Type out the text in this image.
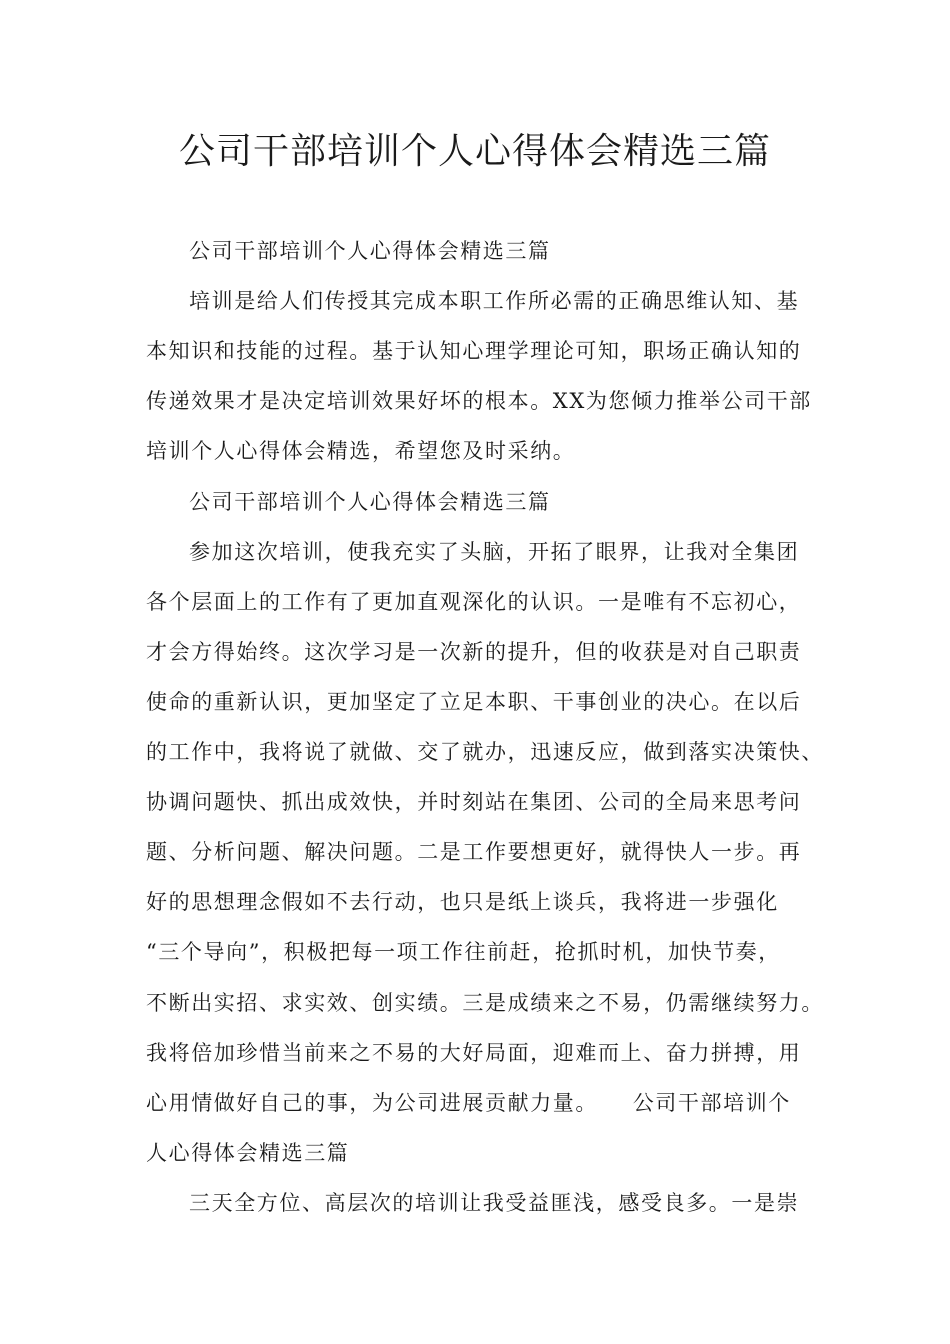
公司干部培训个人心得体会精选三篇
公司干部培训个人心得体会精选三篇
培训是给人们传授其完成本职工作所必需的正确思维认知、基
本知识和技能的过程。基于认知心理学理论可知，职场正确认知的
传递效果才是决定培训效果好坏的根本。XX为您倾力推举公司干部
培训个人心得体会精选，希望您及时采纳。
公司干部培训个人心得体会精选三篇
参加这次培训，使我充实了头脑，开拓了眼界，让我对全集团
各个层面上的工作有了更加直观深化的认识。一是唯有不忘初心，
才会方得始终。这次学习是一次新的提升，但的收获是对自己职责
使命的重新认识，更加坚定了立足本职、干事创业的决心。在以后
的工作中，我将说了就做、交了就办，迅速反应，做到落实决策快、
协调问题快、抓出成效快，并时刻站在集团、公司的全局来思考问
题、分析问题、解决问题。二是工作要想更好，就得快人一步。再
好的思想理念假如不去行动，也只是纸上谈兵，我将进一步强化
“三个导向”，积极把每一项工作往前赶，抢抓时机，加快节奏，
不断出实招、求实效、创实绩。三是成绩来之不易，仍需继续努力。
我将倍加珍惜当前来之不易的大好局面，迎难而上、奋力拼搏，用
心用情做好自己的事，为公司进展贡献力量。　　公司干部培训个
人心得体会精选三篇
三天全方位、高层次的培训让我受益匪浅，感受良多。一是崇
